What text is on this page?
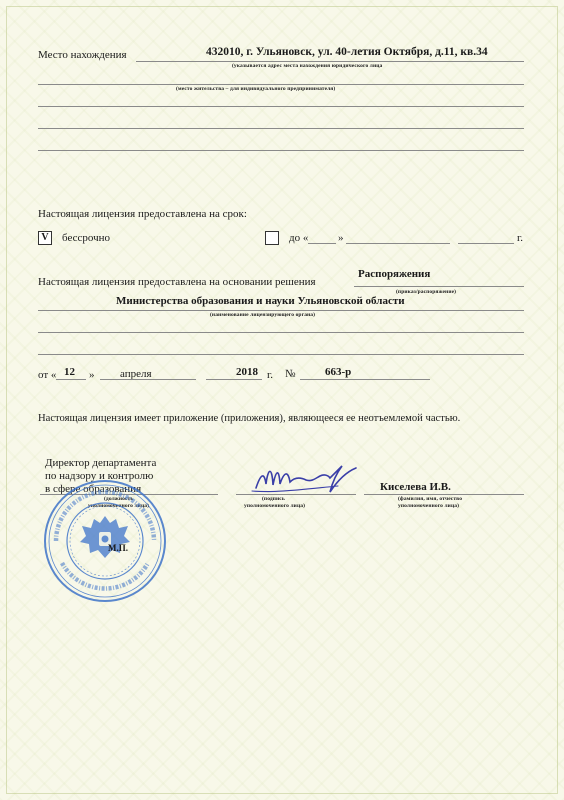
Место нахождения	432010, г. Ульяновск, ул. 40-летия Октября, д.11, кв.34
(указывается адрес места нахождения юридического лица
(место жительства – для индивидуального предпринимателя)
Настоящая лицензия предоставлена на срок:
V	бессрочно	до «	»	г.
Настоящая лицензия предоставлена на основании решения
Распоряжения
(приказ/распоряжение)
Министерства образования и науки Ульяновской области
(наименование лицензирующего органа)
от « 12 » апреля	2018 г. №	663-р
Настоящая лицензия имеет приложение (приложения), являющееся ее неотъемлемой частью.
Директор департамента
по надзору и контролю
в сфере образования
(должность
уполномоченного лица)
(подпись
уполномоченного лица)
Киселева И.В.
(фамилия, имя, отчество
уполномоченного лица)
М.П.
